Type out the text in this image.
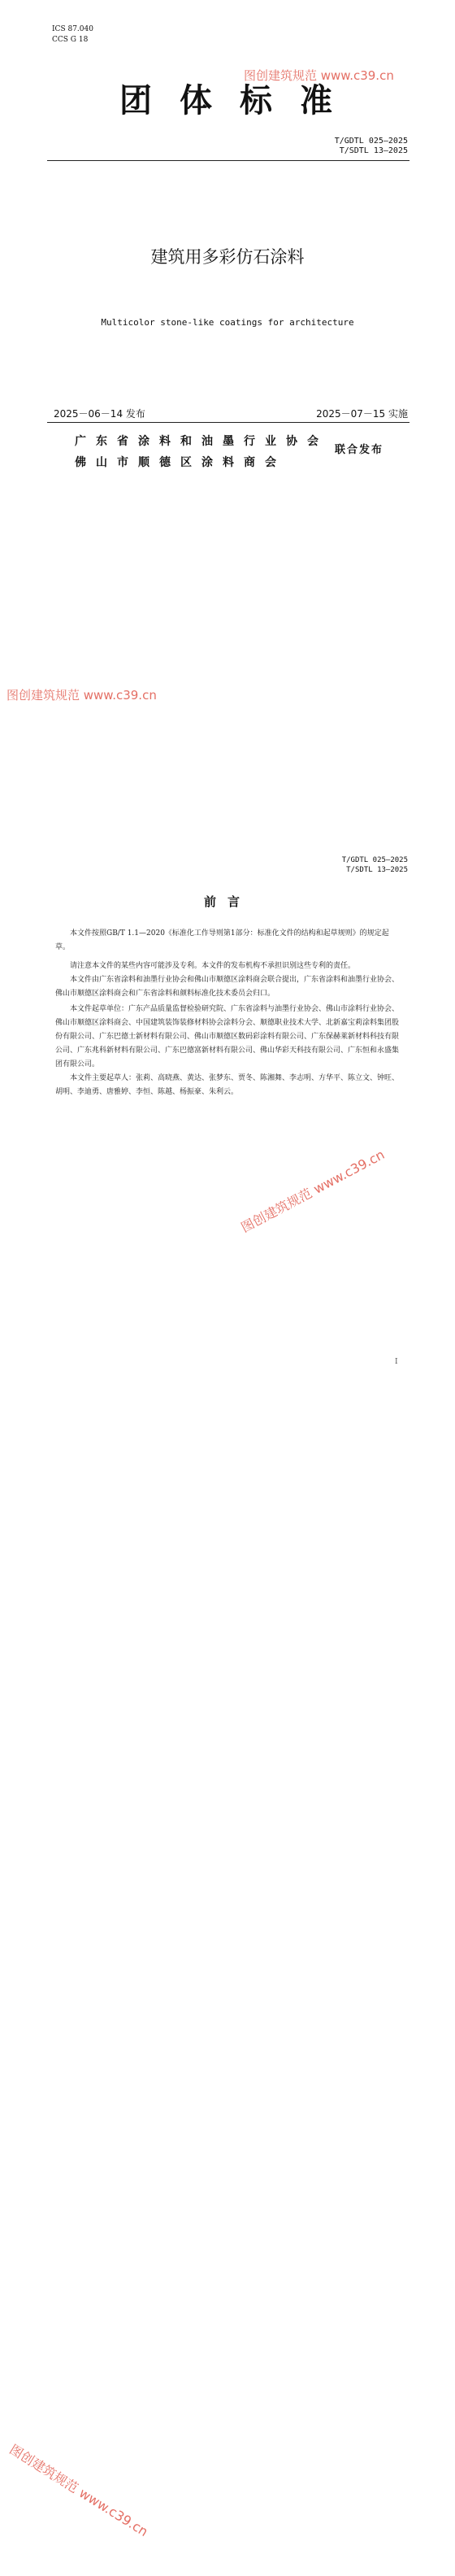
ICS 87.040
CCS G 18
团体标准
图创建筑规范 www.c39.cn
T/GDTL 025—2025
T/SDTL 13—2025
建筑用多彩仿石涂料
Multicolor stone-like coatings for architecture
2025－06－14 发布	2025－07－15 实施
广东省涂料和油墨行业协会
佛山市顺德区涂料商会
联合发布
图创建筑规范 www.c39.cn
T/GDTL 025—2025
T/SDTL 13—2025
前言
本文件按照GB/T 1.1—2020《标准化工作导则第1部分：标准化文件的结构和起草规则》的规定起草。
请注意本文件的某些内容可能涉及专利。本文件的发布机构不承担识别这些专利的责任。
本文件由广东省涂料和油墨行业协会和佛山市顺德区涂料商会联合提出，广东省涂料和油墨行业协会、佛山市顺德区涂料商会和广东省涂料和颜料标准化技术委员会归口。
本文件起草单位：广东产品质量监督检验研究院、广东省涂料与油墨行业协会、佛山市涂料行业协会、佛山市顺德区涂料商会、中国建筑装饰装修材料协会涂料分会、顺德职业技术大学、北新嘉宝莉涂料集团股份有限公司、广东巴德士新材料有限公司、佛山市顺德区数码彩涂料有限公司、广东保赫莱新材料科技有限公司、广东兆科新材料有限公司、广东巴德富新材料有限公司、佛山华彩天科技有限公司、广东恒和永盛集团有限公司。
本文件主要起草人：张莉、高晓燕、黄达、张梦东、贾冬、陈湘舞、李志明、方华平、陈立文、钟旺、胡明、李迪勇、唐雅婷、李恒、陈越、杨振豪、朱利云。
图创建筑规范 www.c39.cn
I
图创建筑规范 www.c39.cn
